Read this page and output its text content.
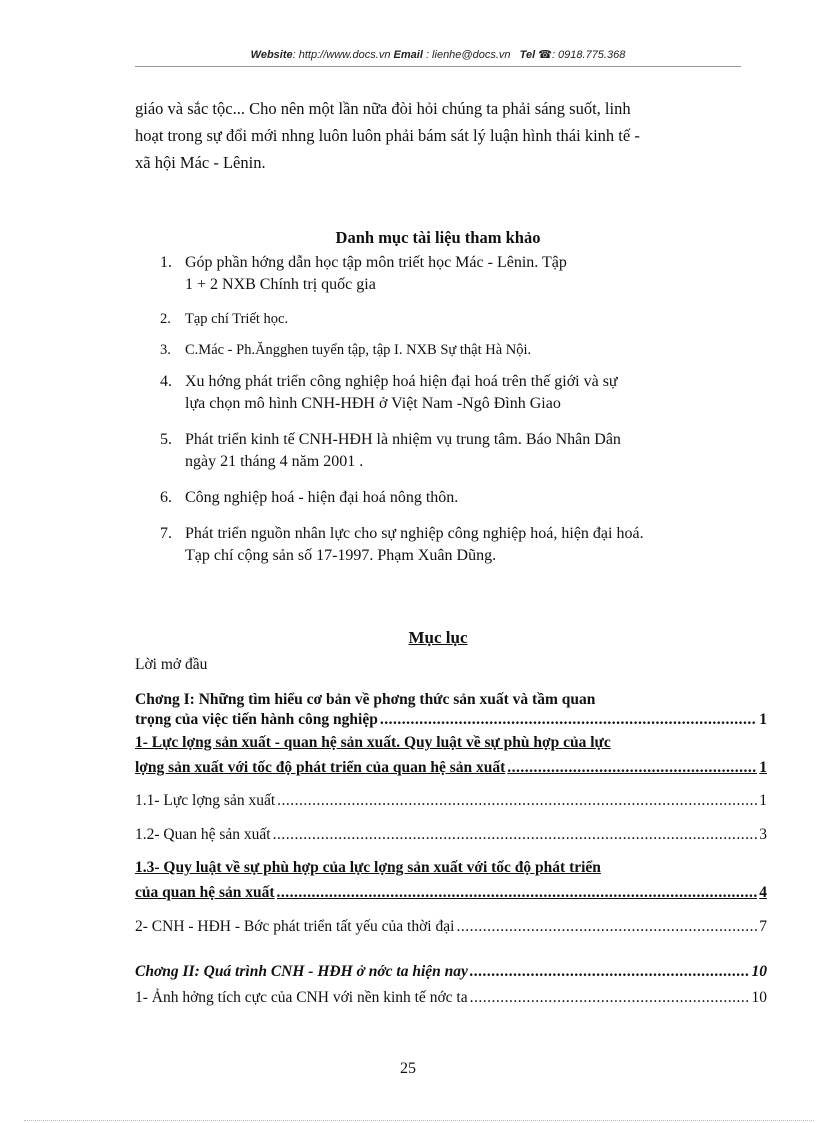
Website: http://www.docs.vn Email : lienhe@docs.vn Tel ☎: 0918.775.368
giáo và sắc tộc... Cho nên một lần nữa đòi hỏi chúng ta phải sáng suốt, linh
hoạt trong sự đổi mới nhng luôn luôn phải bám sát lý luận hình thái kinh tế -
xã hội Mác - Lênin.
Danh mục tài liệu tham khảo
1. Góp phần hớng dẫn học tập môn triết học Mác - Lênin. Tập
1 + 2 NXB Chính trị quốc gia
2. Tạp chí Triết học.
3. C.Mác - Ph.Ăngghen tuyển tập, tập I. NXB Sự thật Hà Nội.
4. Xu hớng phát triển công nghiệp hoá hiện đại hoá trên thế giới và sự
lựa chọn mô hình CNH-HĐH ở Việt Nam -Ngô Đình Giao
5. Phát triển kinh tế CNH-HĐH là nhiệm vụ trung tâm. Báo Nhân Dân
ngày 21 tháng 4 năm 2001 .
6. Công nghiệp hoá - hiện đại hoá nông thôn.
7. Phát triển nguồn nhân lực cho sự nghiệp công nghiệp hoá, hiện đại hoá.
Tạp chí cộng sản số 17-1997. Phạm Xuân Dũng.
Mục lục
Lời mở đầu
Chơng I: Những tìm hiểu cơ bản về phơng thức sản xuất và tầm quan
trọng của việc tiến hành công nghiệp .....	1
1- Lực lợng sản xuất - quan hệ sản xuất. Quy luật về sự phù hợp của lực
lợng sản xuất với tốc độ phát triển của quan hệ sản xuất .....	1
1.1- Lực lợng sản xuất .....	1
1.2- Quan hệ sản xuất .....	3
1.3- Quy luật về sự phù hợp của lực lợng sản xuất với tốc độ phát triển
của quan hệ sản xuất .....	4
2- CNH - HĐH - Bớc phát triển tất yếu của thời đại .....	7
Chơng II: Quá trình CNH - HĐH ở nớc ta hiện nay .....	10
1- Ảnh hởng tích cực của CNH với nền kinh tế nớc ta .....	10
25
